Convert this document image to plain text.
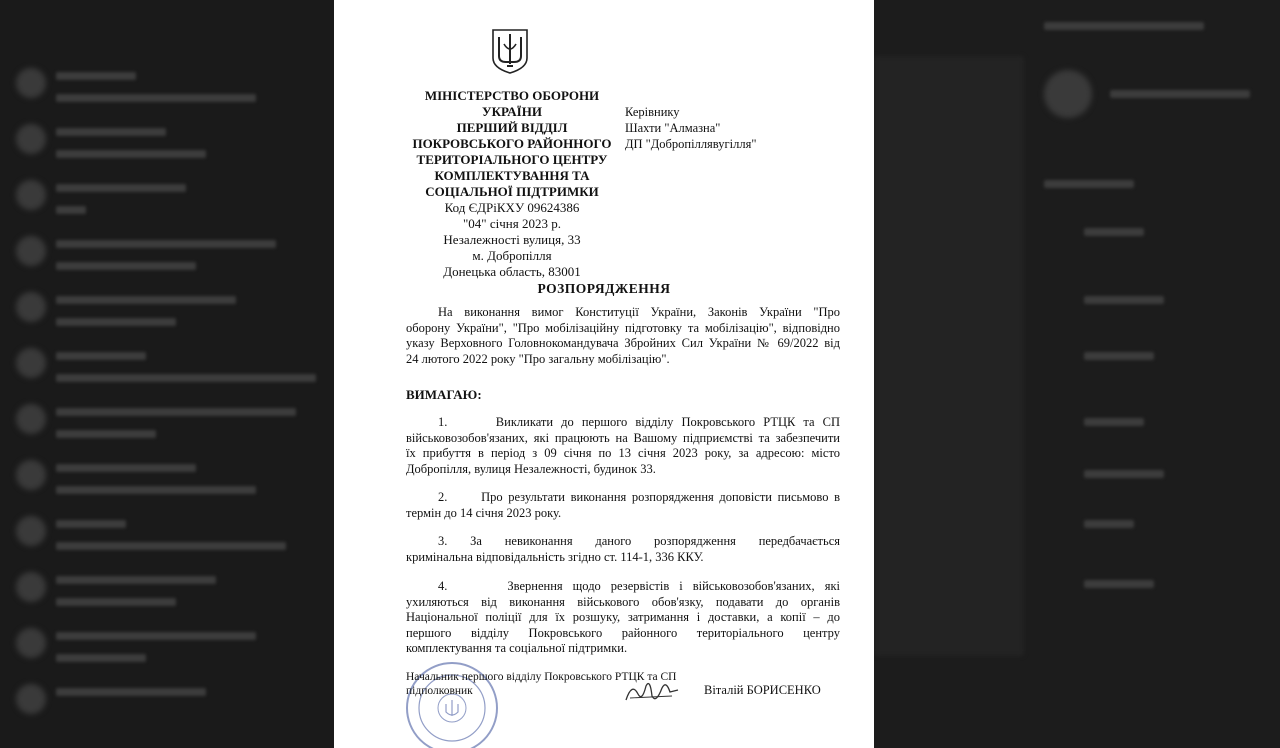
МІНІСТЕРСТВО ОБОРОНИ
УКРАЇНИ
ПЕРШИЙ ВІДДІЛ
ПОКРОВСЬКОГО РАЙОННОГО
ТЕРИТОРІАЛЬНОГО ЦЕНТРУ
КОМПЛЕКТУВАННЯ ТА
СОЦІАЛЬНОЇ ПІДТРИМКИ
Код ЄДРіКХУ 09624386
"04" січня 2023 р.
Незалежності вулиця, 33
м. Добропілля
Донецька область, 83001
Керівнику
Шахти "Алмазна"
ДП "Добропіллявугілля"
РОЗПОРЯДЖЕННЯ
На виконання вимог Конституції України, Законів України "Про
оборону України", "Про мобілізаційну підготовку та мобілізацію", відповідно
указу Верховного Головнокомандувача Збройних Сил України № 69/2022 від
24 лютого 2022 року "Про загальну мобілізацію".
ВИМАГАЮ:
1.      Викликати до першого відділу Покровського РТЦК та СП
військовозобов'язаних, які працюють на Вашому підприємстві та забезпечити
їх прибуття в період з 09 січня по 13 січня 2023 року, за адресою: місто
Добропілля, вулиця Незалежності, будинок 33.
2.      Про результати виконання розпорядження доповісти письмово в
термін до 14 січня 2023 року.
3.      За      невиконання      даного      розпорядження      передбачається
кримінальна відповідальність згідно ст. 114-1, 336 ККУ.
4.      Звернення щодо резервістів і військовозобов'язаних, які
ухиляються від виконання військового обов'язку, подавати до органів
Національної поліції для їх розшуку, затримання і доставки, а копії – до
першого відділу Покровського районного територіального центру
комплектування та соціальної підтримки.
Начальник першого відділу Покровського РТЦК та СП
підполковник	Віталій БОРИСЕНКО
